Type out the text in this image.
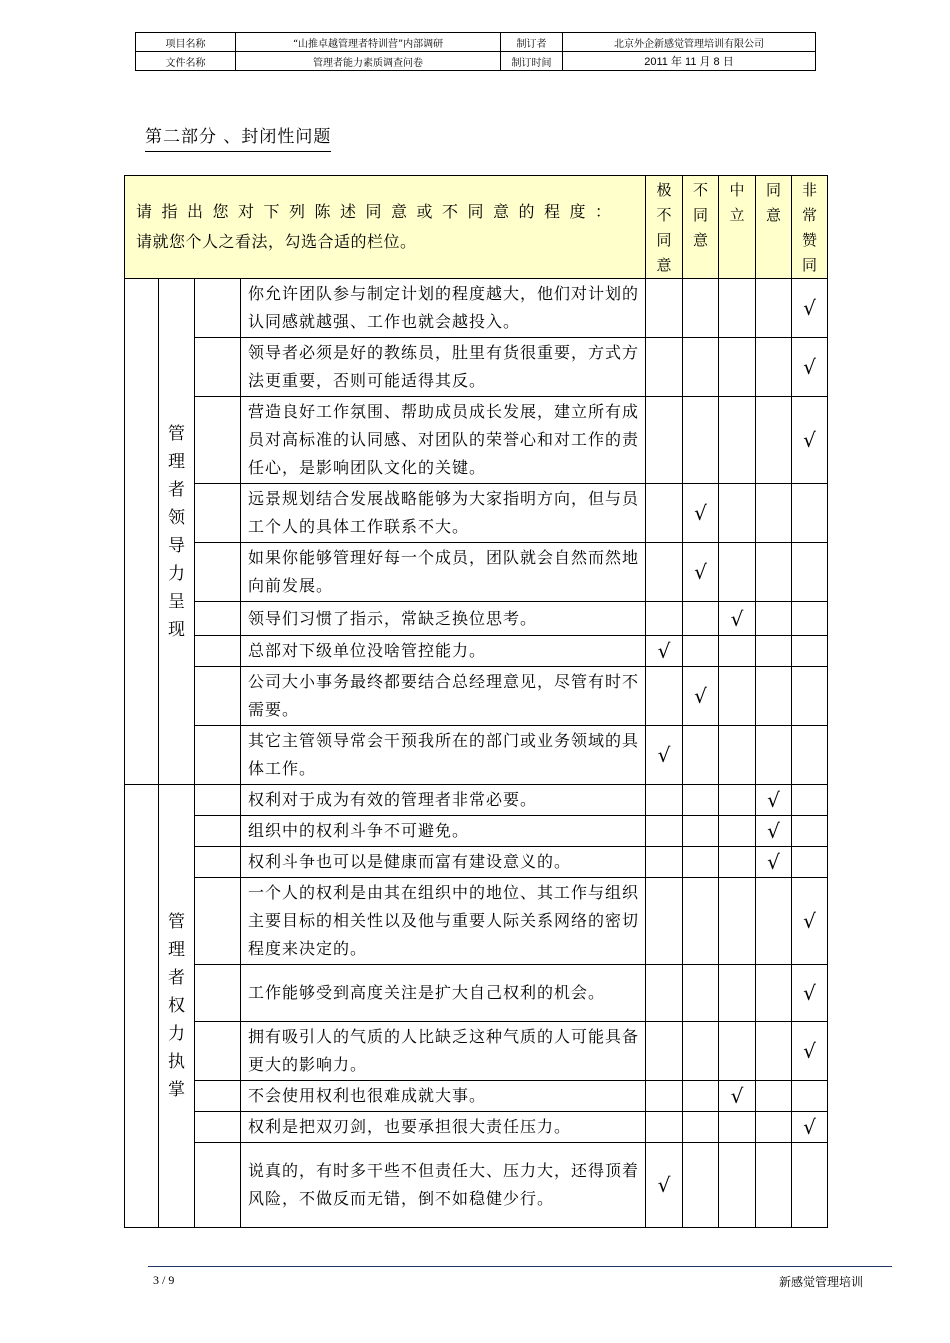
项目名称	“山推卓越管理者特训营”内部调研	制订者	北京外企新感觉管理培训有限公司
文件名称	管理者能力素质调查问卷	制订时间	2011 年 11 月 8 日
第二部分 、封闭性问题
请指出您对下列陈述同意或不同意的程度：
请就您个人之看法，勾选合适的栏位。				极不同意	不同意	中立	同意	非常赞同
	管理者领导力呈现		你允许团队参与制定计划的程度越大，他们对计划的认同感就越强、工作也就会越投入。					√
			领导者必须是好的教练员，肚里有货很重要，方式方法更重要，否则可能适得其反。					√
			营造良好工作氛围、帮助成员成长发展，建立所有成员对高标准的认同感、对团队的荣誉心和对工作的责任心，是影响团队文化的关键。					√
			远景规划结合发展战略能够为大家指明方向，但与员工个人的具体工作联系不大。		√			
			如果你能够管理好每一个成员，团队就会自然而然地向前发展。		√			
			领导们习惯了指示，常缺乏换位思考。			√		
			总部对下级单位没啥管控能力。	√				
			公司大小事务最终都要结合总经理意见，尽管有时不需要。		√			
			其它主管领导常会干预我所在的部门或业务领域的具体工作。	√				
	管理者权力执掌		权利对于成为有效的管理者非常必要。				√	
			组织中的权利斗争不可避免。				√	
			权利斗争也可以是健康而富有建设意义的。				√	
			一个人的权利是由其在组织中的地位、其工作与组织主要目标的相关性以及他与重要人际关系网络的密切程度来决定的。					√
			工作能够受到高度关注是扩大自己权利的机会。					√
			拥有吸引人的气质的人比缺乏这种气质的人可能具备更大的影响力。					√
			不会使用权利也很难成就大事。			√		
			权利是把双刃剑，也要承担很大责任压力。					√
			说真的，有时多干些不但责任大、压力大，还得顶着风险，不做反而无错，倒不如稳健少行。	√				
3 / 9	新感觉管理培训
